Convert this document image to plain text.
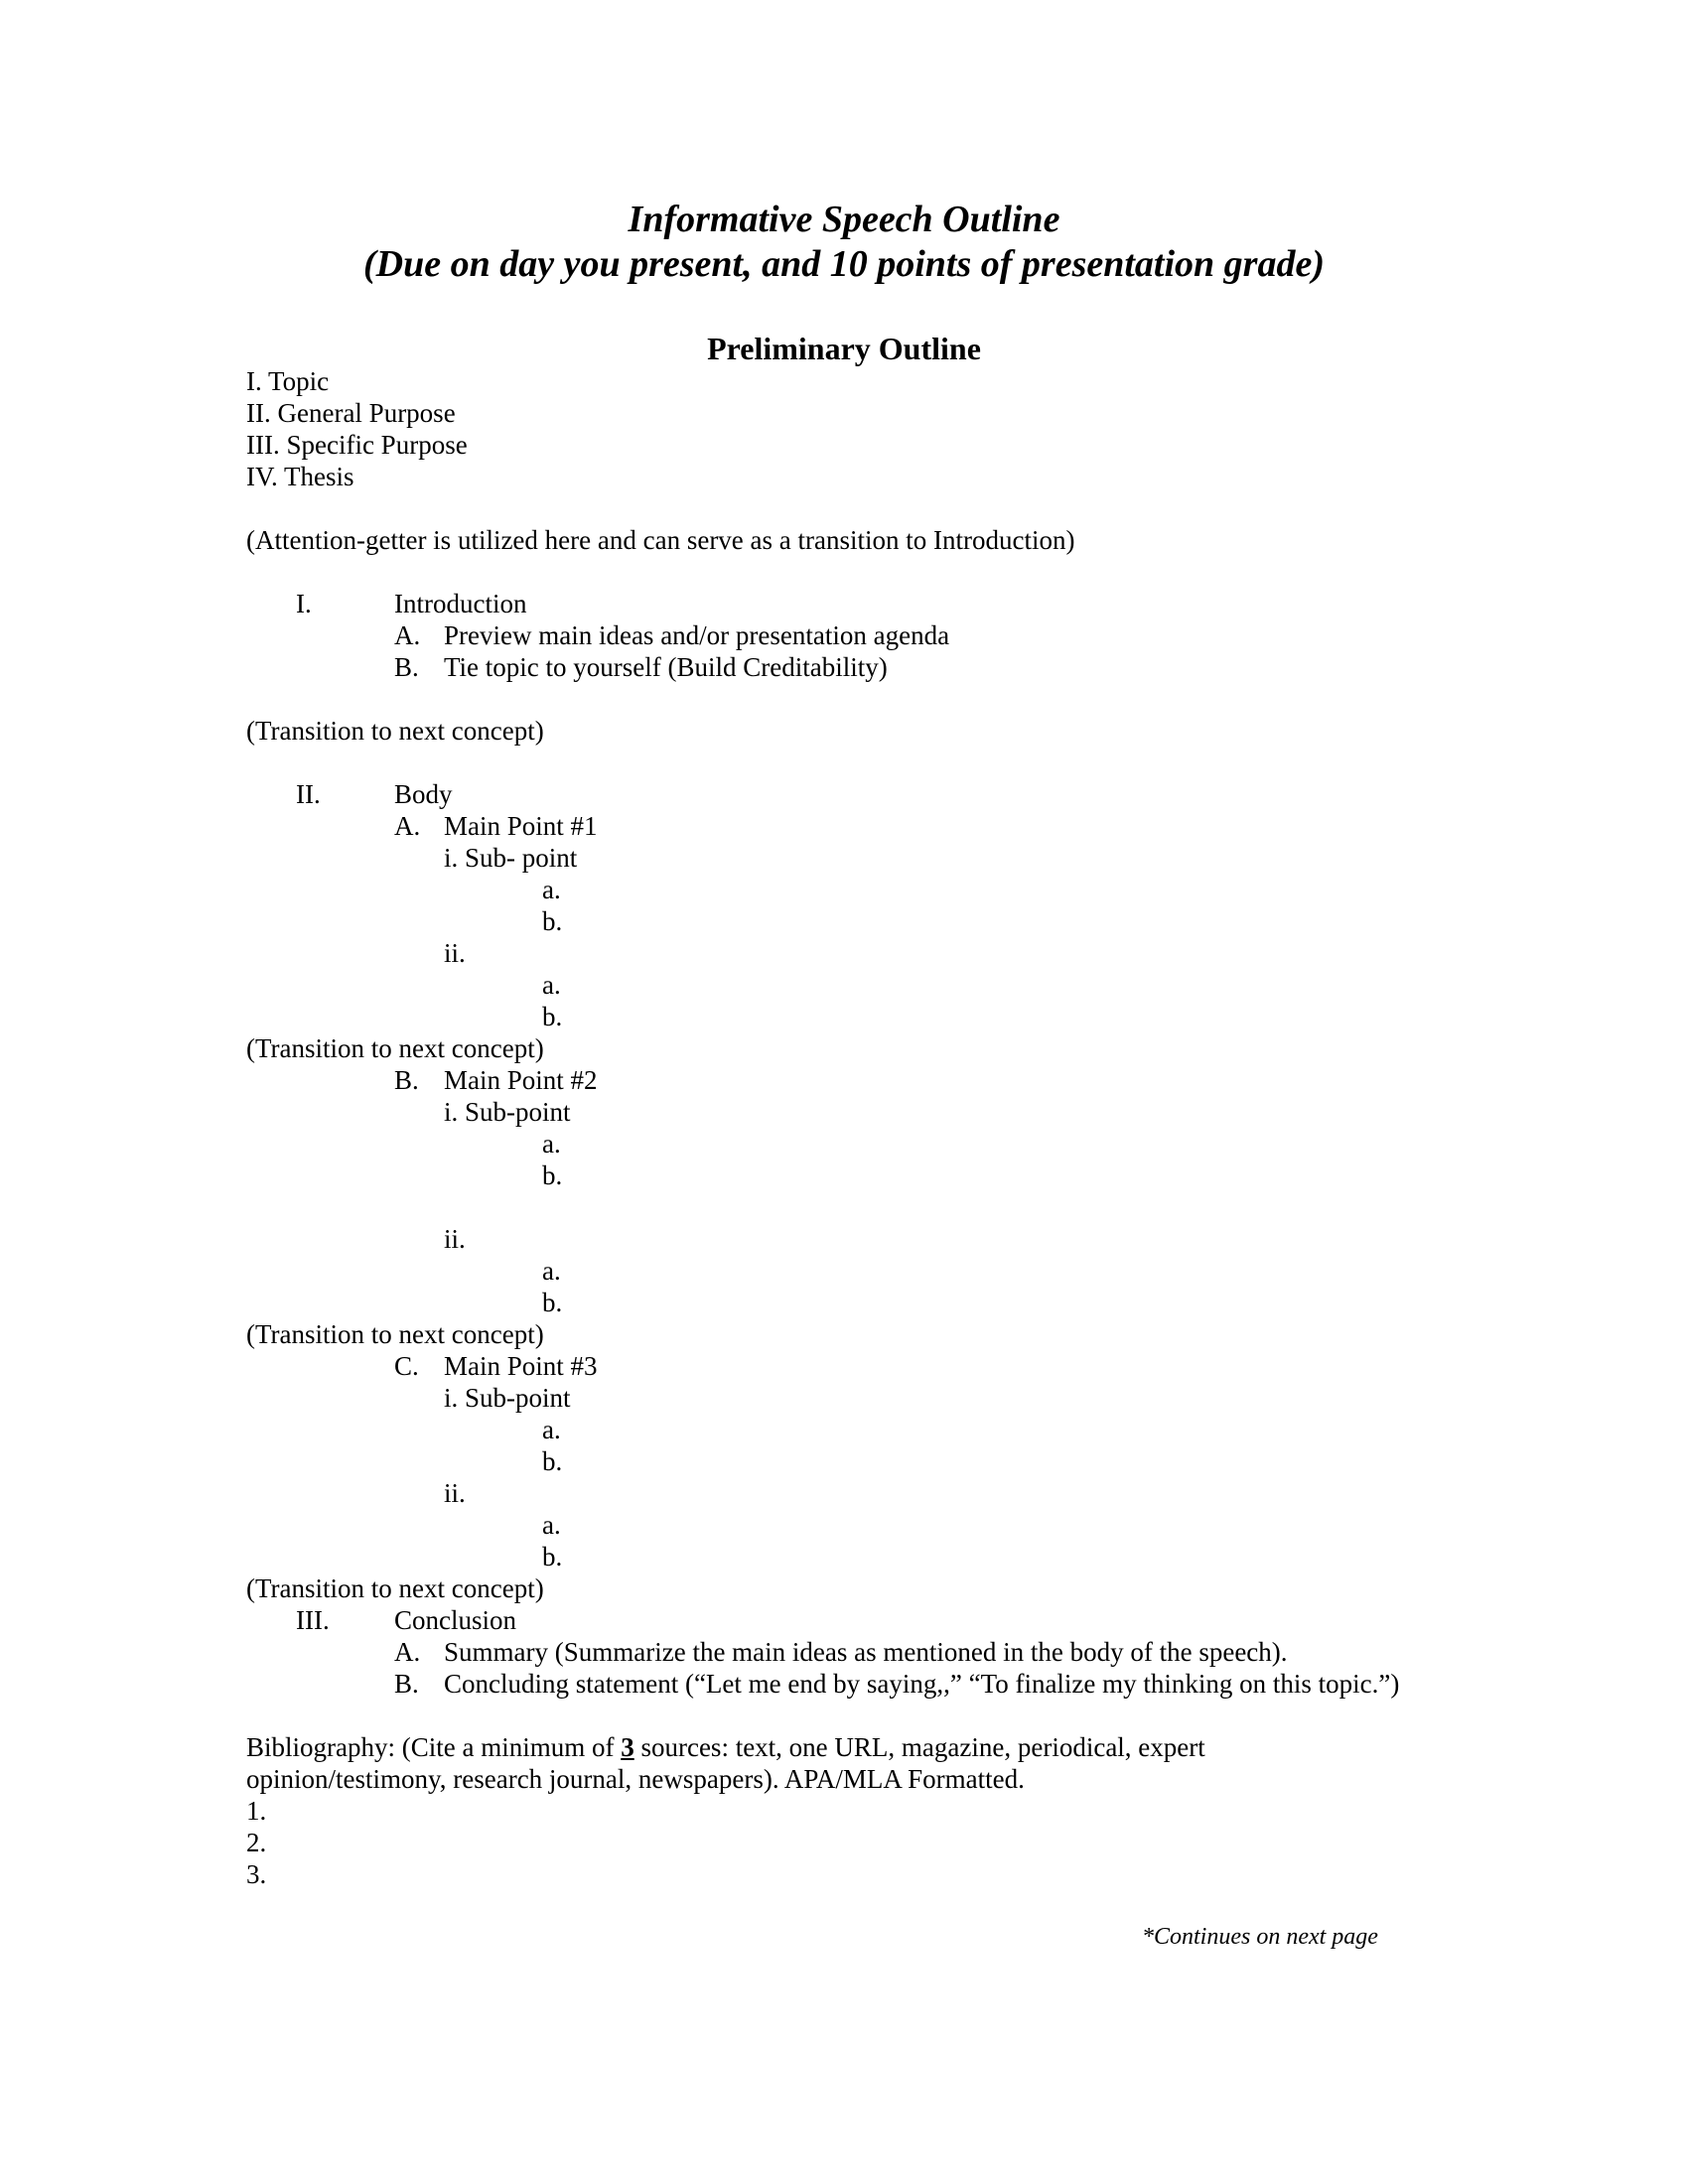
Informative Speech Outline
(Due on day you present, and 10 points of presentation grade)
Preliminary Outline
I. Topic
II. General Purpose
III. Specific Purpose
IV. Thesis
(Attention-getter is utilized here and can serve as a transition to Introduction)
I.	Introduction
A. Preview main ideas and/or presentation agenda
B. Tie topic to yourself (Build Creditability)
(Transition to next concept)
II.	Body
A. Main Point #1
i. Sub- point
a.
b.
ii.
a.
b.
(Transition to next concept)
B. Main Point #2
i. Sub-point
a.
b.
ii.
a.
b.
(Transition to next concept)
C. Main Point #3
i. Sub-point
a.
b.
ii.
a.
b.
(Transition to next concept)
III. Conclusion
A. Summary (Summarize the main ideas as mentioned in the body of the speech).
B. Concluding statement (“Let me end by saying,,” “To finalize my thinking on this topic.”)
Bibliography: (Cite a minimum of 3 sources: text, one URL, magazine, periodical, expert
opinion/testimony, research journal, newspapers). APA/MLA Formatted.
1.
2.
3.
*Continues on next page
